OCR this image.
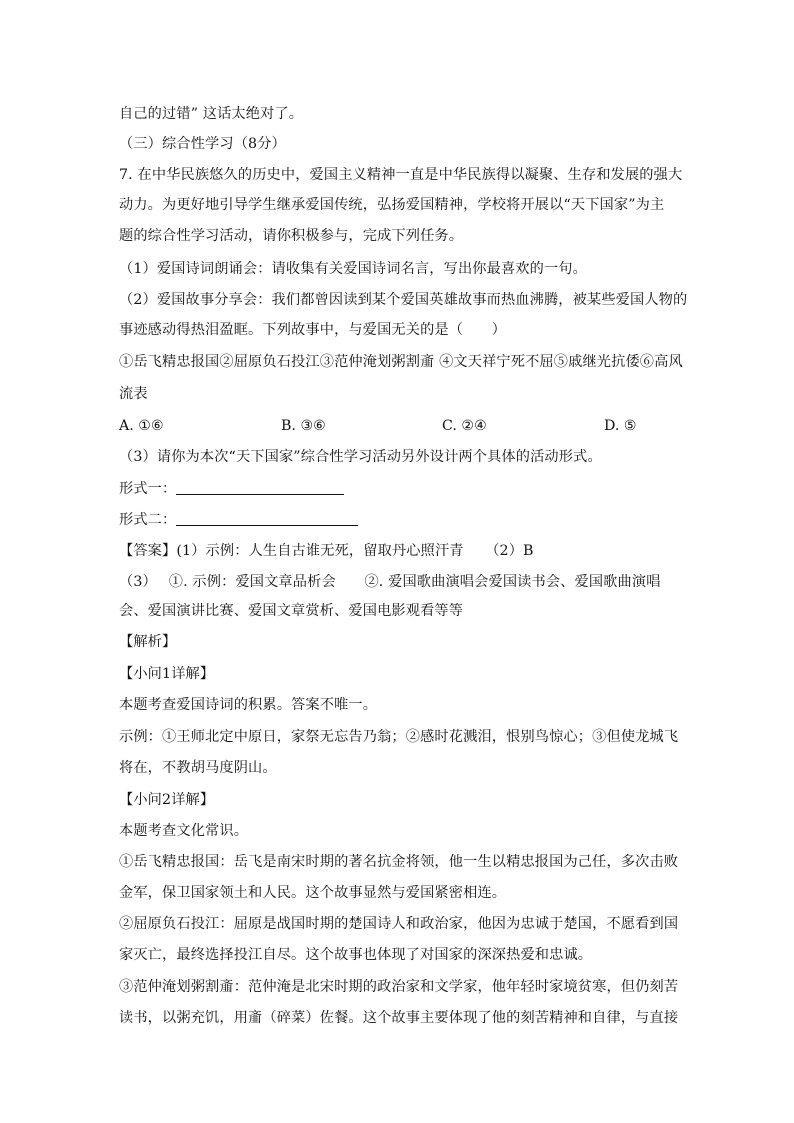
自己的过错” 这话太绝对了。
（三）综合性学习（8分）
7. 在中华民族悠久的历史中，爱国主义精神一直是中华民族得以凝聚、生存和发展的强大
动力。为更好地引导学生继承爱国传统，弘扬爱国精神，学校将开展以“天下国家”为主
题的综合性学习活动，请你积极参与，完成下列任务。
（1）爱国诗词朗诵会：请收集有关爱国诗词名言，写出你最喜欢的一句。
（2）爱国故事分享会：我们都曾因读到某个爱国英雄故事而热血沸腾，被某些爱国人物的
事迹感动得热泪盈眶。下列故事中，与爱国无关的是（　　）
①岳飞精忠报国②屈原负石投江③范仲淹划粥割齑 ④文天祥宁死不屈⑤戚继光抗倭⑥高风
流表
A. ①⑥	B. ③⑥	C. ②④	D. ⑤
（3）请你为本次“天下国家”综合性学习活动另外设计两个具体的活动形式。
形式一：
形式二：
【答案】(1）示例：人生自古谁无死，留取丹心照汗青　　（2）B
（3）　 ①. 示例：爱国文章品析会　　②. 爱国歌曲演唱会爱国读书会、爱国歌曲演唱
会、爱国演讲比赛、爱国文章赏析、爱国电影观看等等
【解析】
【小问1详解】
本题考查爱国诗词的积累。答案不唯一。
示例：①王师北定中原日，家祭无忘告乃翁；②感时花溅泪，恨别鸟惊心；③但使龙城飞
将在，不教胡马度阴山。
【小问2详解】
本题考查文化常识。
①岳飞精忠报国：岳飞是南宋时期的著名抗金将领，他一生以精忠报国为己任，多次击败
金军，保卫国家领土和人民。这个故事显然与爱国紧密相连。
②屈原负石投江：屈原是战国时期的楚国诗人和政治家，他因为忠诚于楚国，不愿看到国
家灭亡，最终选择投江自尽。这个故事也体现了对国家的深深热爱和忠诚。
③范仲淹划粥割齑：范仲淹是北宋时期的政治家和文学家，他年轻时家境贫寒，但仍刻苦
读书，以粥充饥，用齑（碎菜）佐餐。这个故事主要体现了他的刻苦精神和自律，与直接
